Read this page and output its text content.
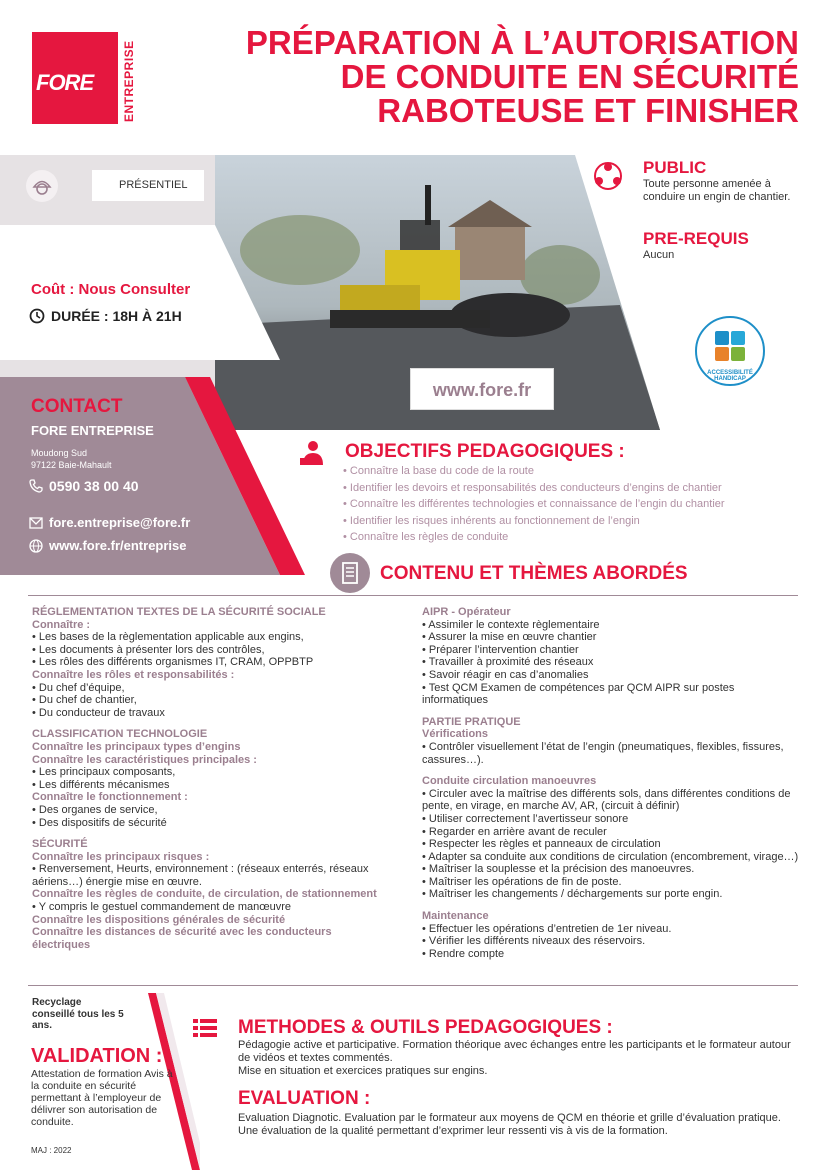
FORE	ENTREPRISE	PRÉPARATION À L’AUTORISATION
DE CONDUITE EN SÉCURITÉ
RABOTEUSE ET FINISHER
PRÉSENTIEL
Coût : Nous Consulter
DURÉE : 18H À 21H
www.fore.fr
PUBLIC
Toute personne amenée à conduire un engin de chantier.
PRE-REQUIS
Aucun
ACCESSIBILITÉ HANDICAP
CONTACT
FORE ENTREPRISE
Moudong Sud
97122 Baie-Mahault
0590 38 00 40
fore.entreprise@fore.fr
www.fore.fr/entreprise
OBJECTIFS PEDAGOGIQUES :
• Connaître la base du code de la route
• Identifier les devoirs et responsabilités des conducteurs d’engins de chantier
• Connaître les différentes technologies et connaissance de l’engin du chantier
• Identifier les risques inhérents au fonctionnement de l’engin
• Connaître les règles de conduite
CONTENU ET THÈMES ABORDÉS
RÉGLEMENTATION TEXTES DE LA SÉCURITÉ SOCIALE
Connaître :
• Les bases de la règlementation applicable aux engins,
• Les documents à présenter lors des contrôles,
• Les rôles des différents organismes IT, CRAM, OPPBTP
Connaître les rôles et responsabilités :
• Du chef d’équipe,
• Du chef de chantier,
• Du conducteur de travaux
CLASSIFICATION TECHNOLOGIE
Connaître les principaux types d’engins
Connaître les caractéristiques principales :
• Les principaux composants,
• Les différents mécanismes
Connaître le fonctionnement :
• Des organes de service,
• Des dispositifs de sécurité
SÉCURITÉ
Connaître les principaux risques :
• Renversement, Heurts, environnement : (réseaux enterrés, réseaux aériens…) énergie mise en œuvre.
Connaître les règles de conduite, de circulation, de stationnement
• Y compris le gestuel commandement de manœuvre
Connaître les dispositions générales de sécurité
Connaître les distances de sécurité avec les conducteurs électriques
AIPR - Opérateur
• Assimiler le contexte règlementaire
• Assurer la mise en œuvre chantier
• Préparer l’intervention chantier
• Travailler à proximité des réseaux
• Savoir réagir en cas d’anomalies
• Test QCM Examen de compétences par QCM AIPR sur postes informatiques
PARTIE PRATIQUE
Vérifications
• Contrôler visuellement l’état de l’engin (pneumatiques, flexibles, fissures, cassures…).
Conduite circulation manoeuvres
• Circuler avec la maîtrise des différents sols, dans différentes conditions de pente, en virage, en marche AV, AR, (circuit à définir)
• Utiliser correctement l’avertisseur sonore
• Regarder en arrière avant de reculer
• Respecter les règles et panneaux de circulation
• Adapter sa conduite aux conditions de circulation (encombrement, virage…)
• Maîtriser la souplesse et la précision des manoeuvres.
• Maîtriser les opérations de fin de poste.
• Maîtriser les changements / déchargements sur porte engin.
Maintenance
• Effectuer les opérations d’entretien de 1er niveau.
• Vérifier les différents niveaux des réservoirs.
• Rendre compte
Recyclage conseillé tous les 5 ans.
VALIDATION :
Attestation de formation Avis à la conduite en sécurité permettant à l’employeur de délivrer son autorisation de conduite.
MAJ : 2022
METHODES & OUTILS PEDAGOGIQUES :
Pédagogie active et participative. Formation théorique avec échanges entre les participants et le formateur autour de vidéos et textes commentés.
Mise en situation et exercices pratiques sur engins.
EVALUATION :
Evaluation Diagnotic. Evaluation par le formateur aux moyens de QCM en théorie et grille d’évaluation pratique. Une évaluation de la qualité permettant d’exprimer leur ressenti vis à vis de la formation.
